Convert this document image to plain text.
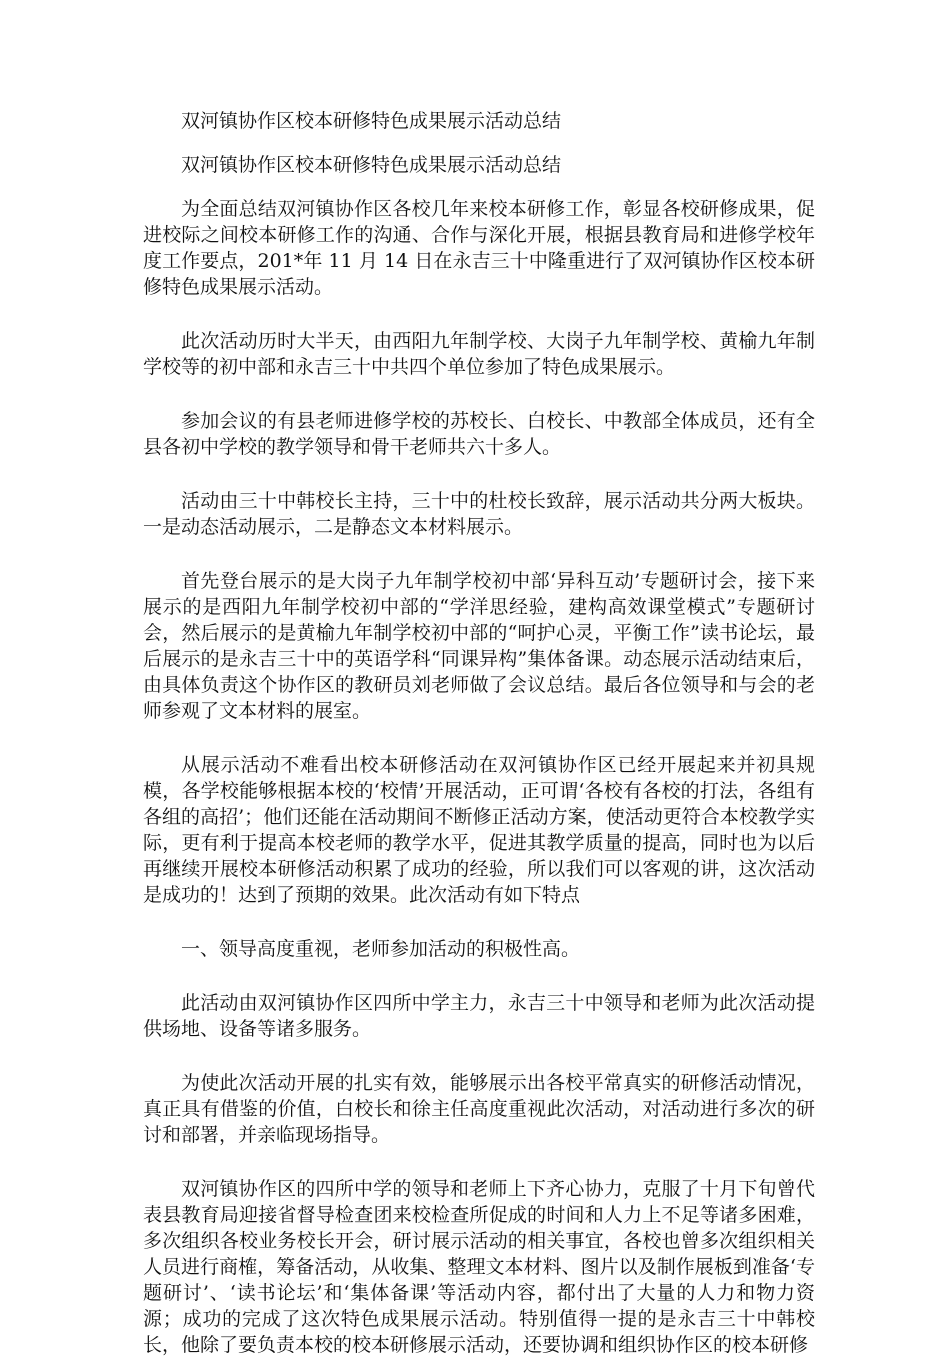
双河镇协作区校本研修特色成果展示活动总结

双河镇协作区校本研修特色成果展示活动总结

为全面总结双河镇协作区各校几年来校本研修工作，彰显各校研修成果，促进校际之间校本研修工作的沟通、合作与深化开展，根据县教育局和进修学校年度工作要点，201*年 11 月 14 日在永吉三十中隆重进行了双河镇协作区校本研修特色成果展示活动。

此次活动历时大半天，由西阳九年制学校、大岗子九年制学校、黄榆九年制学校等的初中部和永吉三十中共四个单位参加了特色成果展示。

参加会议的有县老师进修学校的苏校长、白校长、中教部全体成员，还有全县各初中学校的教学领导和骨干老师共六十多人。

活动由三十中韩校长主持，三十中的杜校长致辞，展示活动共分两大板块。一是动态活动展示，二是静态文本材料展示。

首先登台展示的是大岗子九年制学校初中部‘异科互动’专题研讨会，接下来展示的是西阳九年制学校初中部的“学洋思经验，建构高效课堂模式”专题研讨会，然后展示的是黄榆九年制学校初中部的“呵护心灵，平衡工作”读书论坛，最后展示的是永吉三十中的英语学科“同课异构”集体备课。动态展示活动结束后，由具体负责这个协作区的教研员刘老师做了会议总结。最后各位领导和与会的老师参观了文本材料的展室。

从展示活动不难看出校本研修活动在双河镇协作区已经开展起来并初具规模，各学校能够根据本校的‘校情’开展活动，正可谓‘各校有各校的打法，各组有各组的高招’；他们还能在活动期间不断修正活动方案，使活动更符合本校教学实际，更有利于提高本校老师的教学水平，促进其教学质量的提高，同时也为以后再继续开展校本研修活动积累了成功的经验，所以我们可以客观的讲，这次活动是成功的！达到了预期的效果。此次活动有如下特点

一、领导高度重视，老师参加活动的积极性高。

此活动由双河镇协作区四所中学主力，永吉三十中领导和老师为此次活动提供场地、设备等诸多服务。

为使此次活动开展的扎实有效，能够展示出各校平常真实的研修活动情况，真正具有借鉴的价值，白校长和徐主任高度重视此次活动，对活动进行多次的研讨和部署，并亲临现场指导。

双河镇协作区的四所中学的领导和老师上下齐心协力，克服了十月下旬曾代表县教育局迎接省督导检查团来校检查所促成的时间和人力上不足等诸多困难，多次组织各校业务校长开会，研讨展示活动的相关事宜，各校也曾多次组织相关人员进行商榷，筹备活动，从收集、整理文本材料、图片以及制作展板到准备‘专题研讨’、‘读书论坛’和‘集体备课’等活动内容，都付出了大量的人力和物力资源；成功的完成了这次特色成果展示活动。特别值得一提的是永吉三十中韩校长，他除了要负责本校的校本研修展示活动，还要协调和组织协作区的校本研修
